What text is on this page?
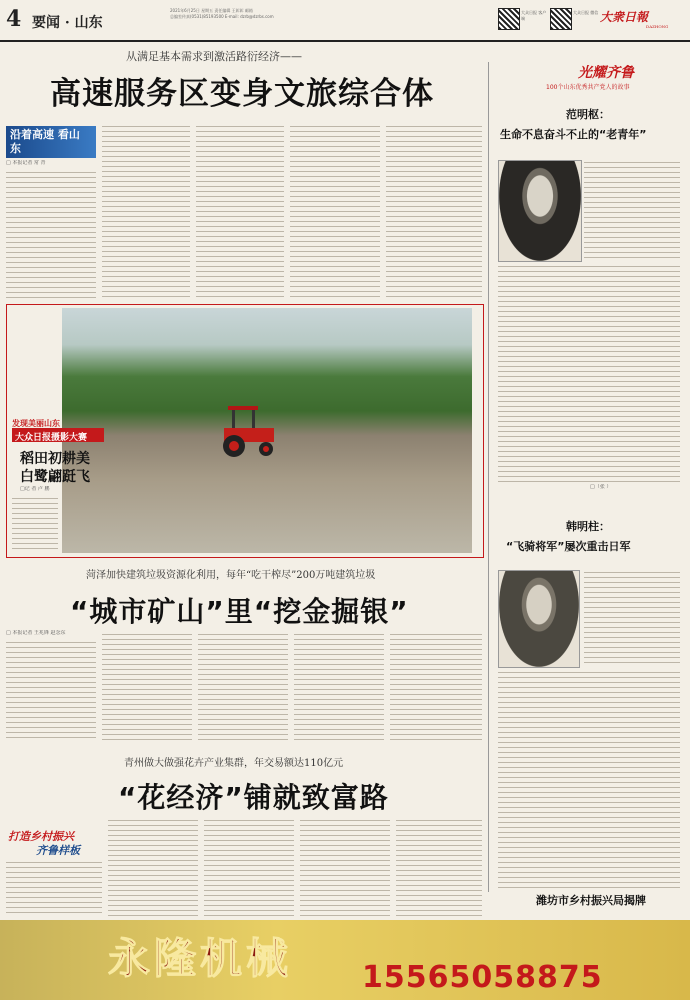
4 要闻 · 山东
2021年6月25日 星期五 责任编辑 王彰彰 邮箱
总编室传真(0531)85193500 E-mail: dzrb@dzrbs.com
大众日报 客户端
大众日报 微信 大衆日報
DAZHONG
从满足基本需求到激活路衍经济——
高速服务区变身文旅综合体
沿着高速 看山东
□ 本报记者 常 青
发现美丽山东
大众日报摄影大赛
稻田初耕美
白鹭翩跹飞
□记 者 卢 鹏
菏泽加快建筑垃圾资源化利用，每年“吃干榨尽”200万吨建筑垃圾
“城市矿山”里“挖金掘银”
□ 本报记者 王兆锋 赵念东
青州做大做强花卉产业集群，年交易额达110亿元
“花经济”铺就致富路
打造乡村振兴
齐鲁样板
光耀齐鲁
100个山东优秀共产党人的故事
范明枢：
生命不息奋斗不止的“老青年”
□（张 ）
韩明柱：
“飞骑将军”屡次重击日军
潍坊市乡村振兴局揭牌
永隆机械 15565058875
